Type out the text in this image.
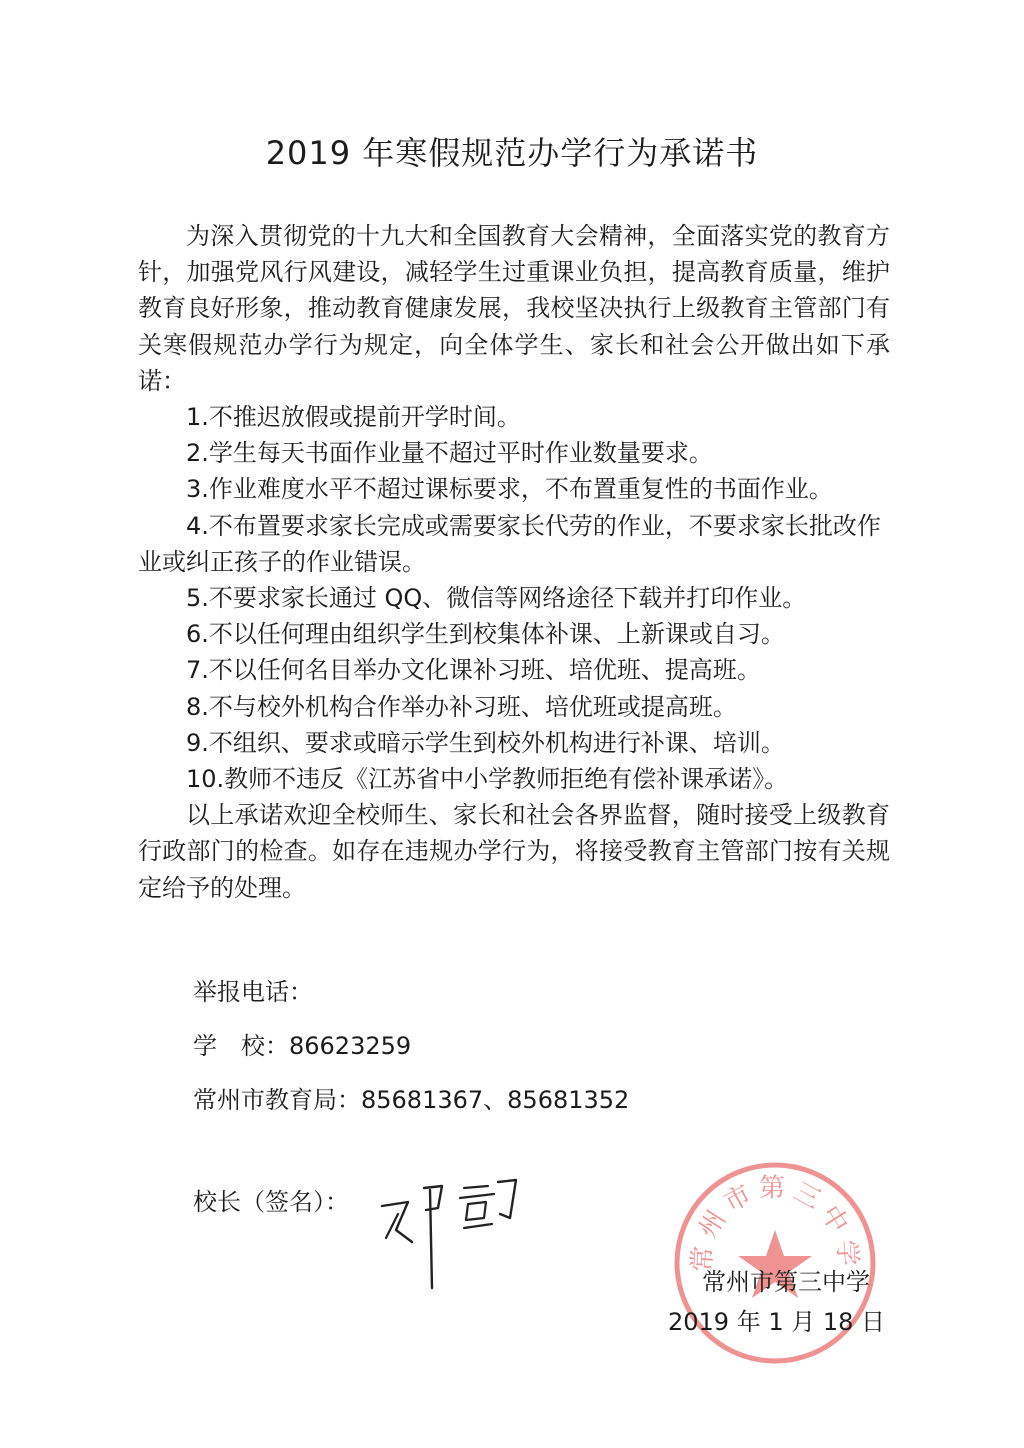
2019 年寒假规范办学行为承诺书

为深入贯彻党的十九大和全国教育大会精神，全面落实党的教育方针，加强党风行风建设，减轻学生过重课业负担，提高教育质量，维护教育良好形象，推动教育健康发展，我校坚决执行上级教育主管部门有关寒假规范办学行为规定，向全体学生、家长和社会公开做出如下承诺：

1.不推迟放假或提前开学时间。

2.学生每天书面作业量不超过平时作业数量要求。

3.作业难度水平不超过课标要求，不布置重复性的书面作业。

4.不布置要求家长完成或需要家长代劳的作业，不要求家长批改作业或纠正孩子的作业错误。

5.不要求家长通过 QQ、微信等网络途径下载并打印作业。

6.不以任何理由组织学生到校集体补课、上新课或自习。

7.不以任何名目举办文化课补习班、培优班、提高班。

8.不与校外机构合作举办补习班、培优班或提高班。

9.不组织、要求或暗示学生到校外机构进行补课、培训。

10.教师不违反《江苏省中小学教师拒绝有偿补课承诺》。

以上承诺欢迎全校师生、家长和社会各界监督，随时接受上级教育行政部门的检查。如存在违规办学行为，将接受教育主管部门按有关规定给予的处理。

举报电话：
学　校：86623259
常州市教育局：85681367、85681352
校长（签名）：
常州市第三中学
常州市第三中学
2019 年 1 月 18 日
